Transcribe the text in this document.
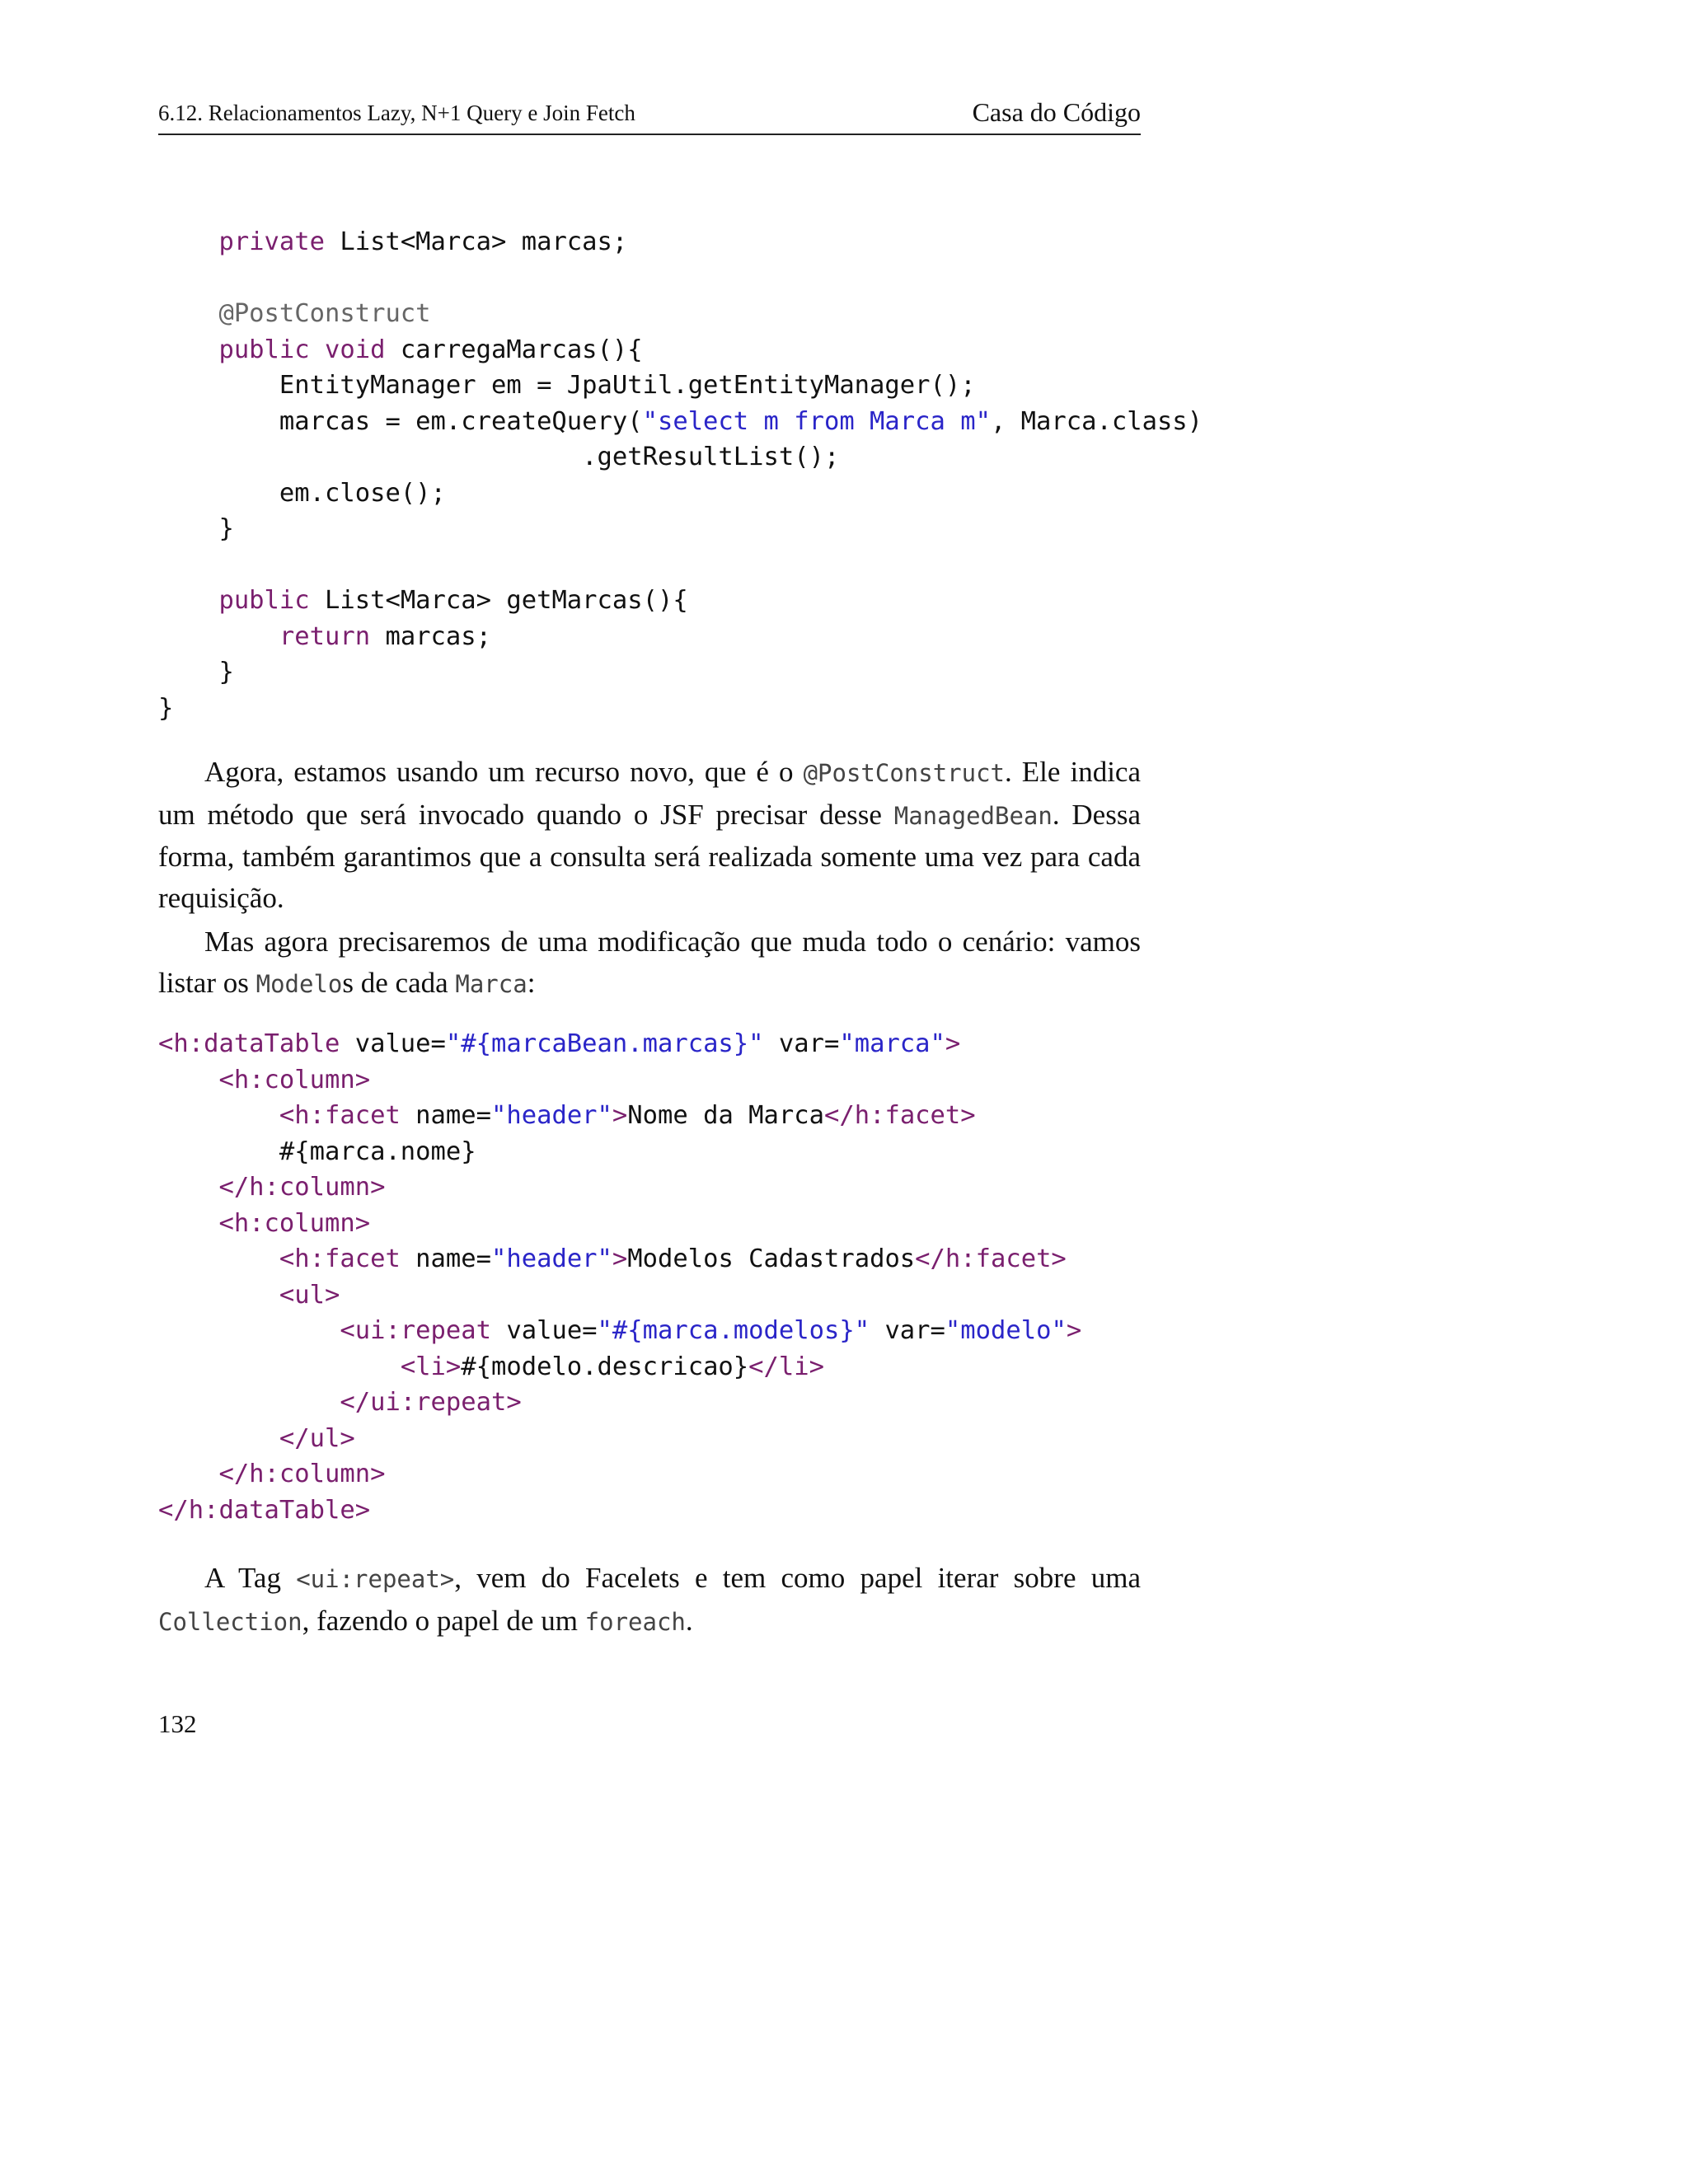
6.12. Relacionamentos Lazy, N+1 Query e Join Fetch	Casa do Código
private List<Marca> marcas;

@PostConstruct
public void carregaMarcas(){
EntityManager em = JpaUtil.getEntityManager();
marcas = em.createQuery("select m from Marca m", Marca.class)
.getResultList();
em.close();
}

public List<Marca> getMarcas(){
return marcas;
}
}

Agora, estamos usando um recurso novo, que é o @PostConstruct. Ele indica um método que será invocado quando o JSF precisar desse ManagedBean. Dessa forma, também garantimos que a consulta será realizada somente uma vez para cada requisição.

Mas agora precisaremos de uma modificação que muda todo o cenário: vamos listar os Modelos de cada Marca:

<h:dataTable value="#{marcaBean.marcas}" var="marca">
<h:column>
<h:facet name="header">Nome da Marca</h:facet>
#{marca.nome}
</h:column>
<h:column>
<h:facet name="header">Modelos Cadastrados</h:facet>
<ul>
<ui:repeat value="#{marca.modelos}" var="modelo">
<li>#{modelo.descricao}</li>
</ui:repeat>
</ul>
</h:column>
</h:dataTable>

A Tag <ui:repeat>, vem do Facelets e tem como papel iterar sobre uma Collection, fazendo o papel de um foreach.

132
